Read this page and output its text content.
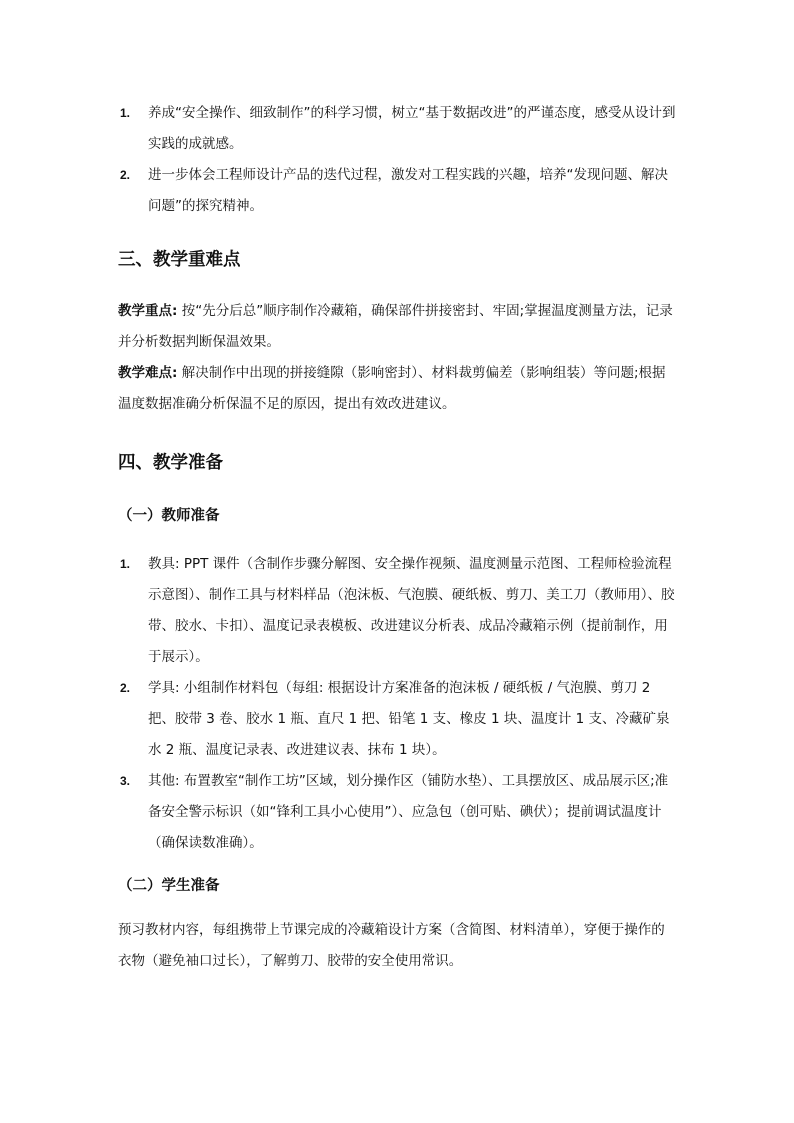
1. 养成“安全操作、细致制作”的科学习惯，树立“基于数据改进”的严谨态度，感受从设计到实践的成就感。
2. 进一步体会工程师设计产品的迭代过程，激发对工程实践的兴趣，培养“发现问题、解决问题”的探究精神。
三、教学重难点

教学重点: 按“先分后总”顺序制作冷藏箱，确保部件拼接密封、牢固;掌握温度测量方法，记录并分析数据判断保温效果。

教学难点: 解决制作中出现的拼接缝隙（影响密封）、材料裁剪偏差（影响组装）等问题;根据温度数据准确分析保温不足的原因，提出有效改进建议。

四、教学准备
（一）教师准备
1. 教具: PPT 课件（含制作步骤分解图、安全操作视频、温度测量示范图、工程师检验流程示意图）、制作工具与材料样品（泡沫板、气泡膜、硬纸板、剪刀、美工刀（教师用）、胶带、胶水、卡扣）、温度记录表模板、改进建议分析表、成品冷藏箱示例（提前制作，用于展示）。
2. 学具: 小组制作材料包（每组: 根据设计方案准备的泡沫板 / 硬纸板 / 气泡膜、剪刀 2 把、胶带 3 卷、胶水 1 瓶、直尺 1 把、铅笔 1 支、橡皮 1 块、温度计 1 支、冷藏矿泉水 2 瓶、温度记录表、改进建议表、抹布 1 块）。
3. 其他: 布置教室“制作工坊”区域，划分操作区（铺防水垫）、工具摆放区、成品展示区;准备安全警示标识（如“锋利工具小心使用”）、应急包（创可贴、碘伏）；提前调试温度计（确保读数准确）。
（二）学生准备

预习教材内容，每组携带上节课完成的冷藏箱设计方案（含简图、材料清单），穿便于操作的衣物（避免袖口过长），了解剪刀、胶带的安全使用常识。
